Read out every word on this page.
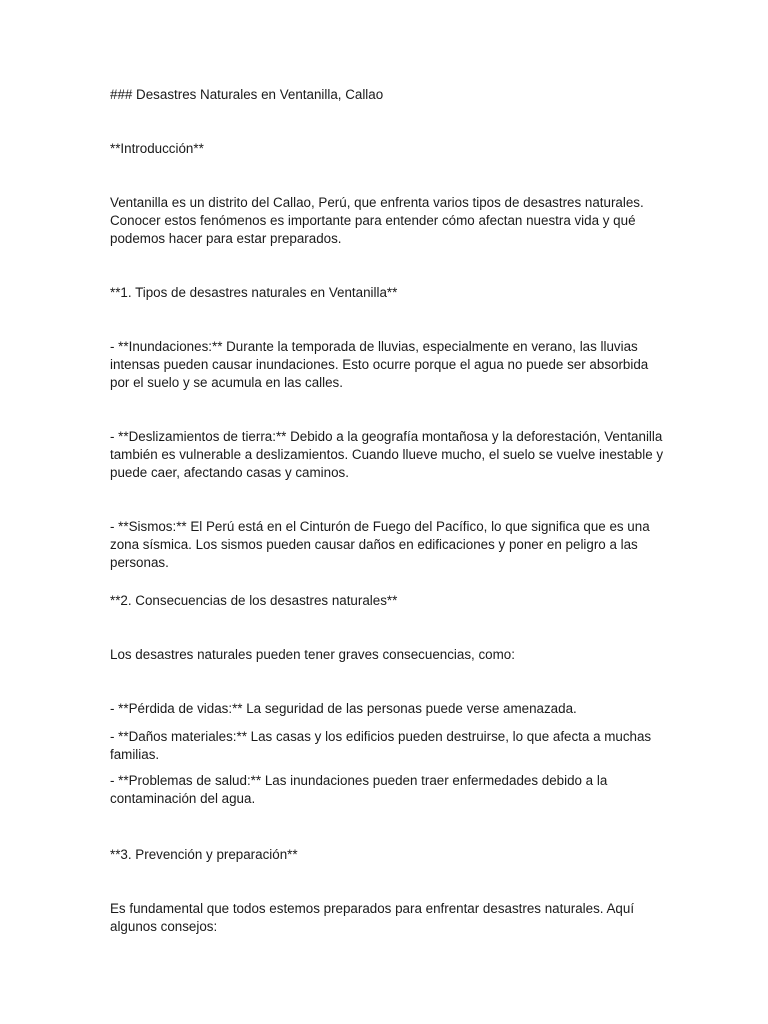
### Desastres Naturales en Ventanilla, Callao

**Introducción**

Ventanilla es un distrito del Callao, Perú, que enfrenta varios tipos de desastres naturales. Conocer estos fenómenos es importante para entender cómo afectan nuestra vida y qué podemos hacer para estar preparados.

**1. Tipos de desastres naturales en Ventanilla**

- **Inundaciones:** Durante la temporada de lluvias, especialmente en verano, las lluvias intensas pueden causar inundaciones. Esto ocurre porque el agua no puede ser absorbida por el suelo y se acumula en las calles.

- **Deslizamientos de tierra:** Debido a la geografía montañosa y la deforestación, Ventanilla también es vulnerable a deslizamientos. Cuando llueve mucho, el suelo se vuelve inestable y puede caer, afectando casas y caminos.

- **Sismos:** El Perú está en el Cinturón de Fuego del Pacífico, lo que significa que es una zona sísmica. Los sismos pueden causar daños en edificaciones y poner en peligro a las personas.

**2. Consecuencias de los desastres naturales**

Los desastres naturales pueden tener graves consecuencias, como:

- **Pérdida de vidas:** La seguridad de las personas puede verse amenazada.

- **Daños materiales:** Las casas y los edificios pueden destruirse, lo que afecta a muchas familias.

- **Problemas de salud:** Las inundaciones pueden traer enfermedades debido a la contaminación del agua.

**3. Prevención y preparación**

Es fundamental que todos estemos preparados para enfrentar desastres naturales. Aquí algunos consejos:
